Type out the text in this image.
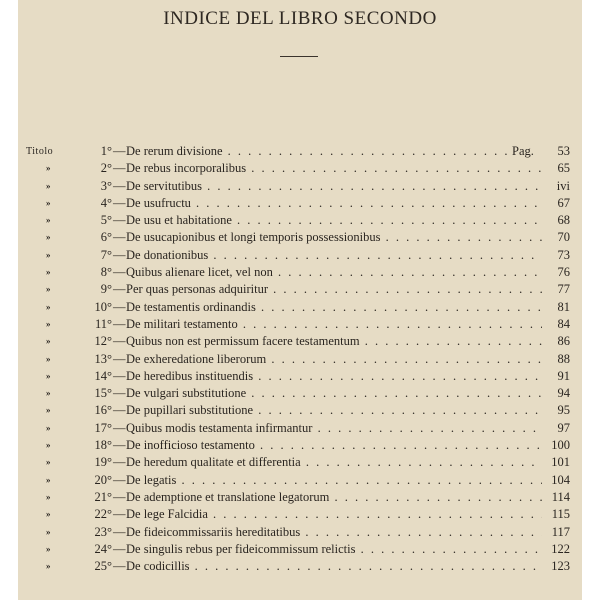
INDICE DEL LIBRO SECONDO
Titolo	1° — De rerum divisione . . .	Pag. 53
»	2° — De rebus incorporalibus . . .	65
»	3° — De servitutibus . . .	ivi
»	4° — De usufructu . . .	67
»	5° — De usu et habitatione . . .	68
»	6° — De usucapionibus et longi temporis possessionibus . . .	70
»	7° — De donationibus . . .	73
»	8° — Quibus alienare licet, vel non . . .	76
»	9° — Per quas personas adquiritur . . .	77
»	10° — De testamentis ordinandis . . .	81
»	11° — De militari testamento . . .	84
»	12° — Quibus non est permissum facere testamentum . . .	86
»	13° — De exheredatione liberorum . . .	88
»	14° — De heredibus instituendis . . .	91
»	15° — De vulgari substitutione . . .	94
»	16° — De pupillari substitutione . . .	95
»	17° — Quibus modis testamenta infirmantur . . .	97
»	18° — De inofficioso testamento . . .	100
»	19° — De heredum qualitate et differentia . . .	101
»	20° — De legatis . . .	104
»	21° — De ademptione et translatione legatorum . . .	114
»	22° — De lege Falcidia . . .	115
»	23° — De fideicommissariis hereditatibus . . .	117
»	24° — De singulis rebus per fideicommissum relictis . . .	122
»	25° — De codicillis . . .	123
